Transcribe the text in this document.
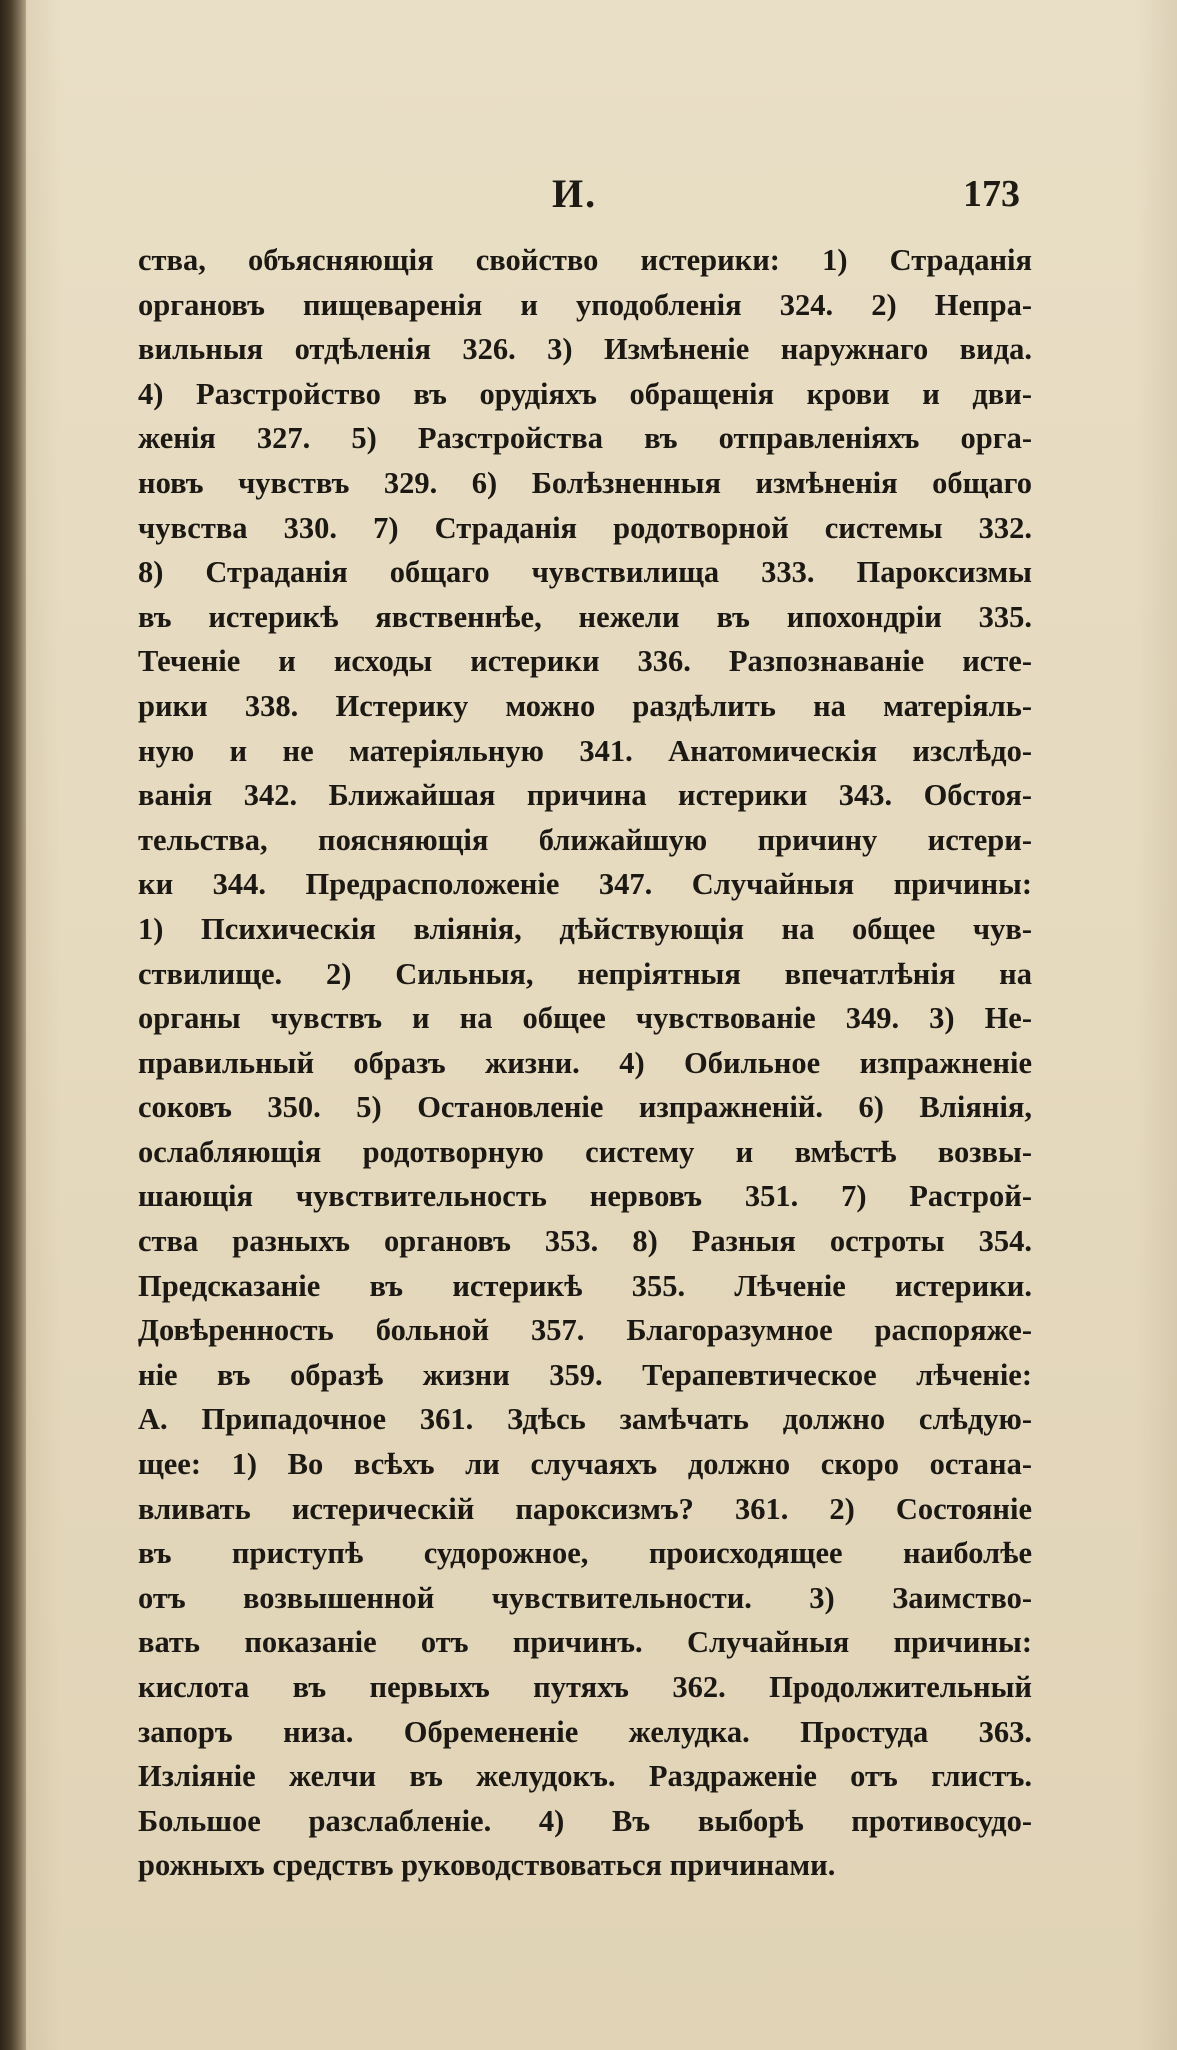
И.	173
ства, объясняющія свойство истерики: 1) Страданія
органовъ пищеваренія и уподобленія 324. 2) Непра-
вильныя отдѣленія 326. 3) Измѣненіе наружнаго вида.
4) Разстройство въ орудіяхъ обращенія крови и дви-
женія 327. 5) Разстройства въ отправленіяхъ орга-
новъ чувствъ 329. 6) Болѣзненныя измѣненія общаго
чувства 330. 7) Страданія родотворной системы 332.
8) Страданія общаго чувствилища 333. Пароксизмы
въ истерикѣ явственнѣе, нежели въ ипохондріи 335.
Теченіе и исходы истерики 336. Разпознаваніе исте-
рики 338. Истерику можно раздѣлить на матеріяль-
ную и не матеріяльную 341. Анатомическія изслѣдо-
ванія 342. Ближайшая причина истерики 343. Обстоя-
тельства, поясняющія ближайшую причину истери-
ки 344. Предрасположеніе 347. Случайныя причины:
1) Психическія вліянія, дѣйствующія на общее чув-
ствилище. 2) Сильныя, непріятныя впечатлѣнія на
органы чувствъ и на общее чувствованіе 349. 3) Не-
правильный образъ жизни. 4) Обильное изпражненіе
соковъ 350. 5) Остановленіе изпражненій. 6) Вліянія,
ослабляющія родотворную систему и вмѣстѣ возвы-
шающія чувствительность нервовъ 351. 7) Растрой-
ства разныхъ органовъ 353. 8) Разныя остроты 354.
Предсказаніе въ истерикѣ 355. Лѣченіе истерики.
Довѣренность больной 357. Благоразумное распоряже-
ніе въ образѣ жизни 359. Терапевтическое лѣченіе:
А. Припадочное 361. Здѣсь замѣчать должно слѣдую-
щее: 1) Во всѣхъ ли случаяхъ должно скоро остана-
вливать истерическій пароксизмъ? 361. 2) Состояніе
въ приступѣ судорожное, происходящее наиболѣе
отъ возвышенной чувствительности. 3) Заимство-
вать показаніе отъ причинъ. Случайныя причины:
кислота въ первыхъ путяхъ 362. Продолжительный
запоръ низа. Обремененіе желудка. Простуда 363.
Изліяніе желчи въ желудокъ. Раздраженіе отъ глистъ.
Большое разслабленіе. 4) Въ выборѣ противосудо-
рожныхъ средствъ руководствоваться причинами.
